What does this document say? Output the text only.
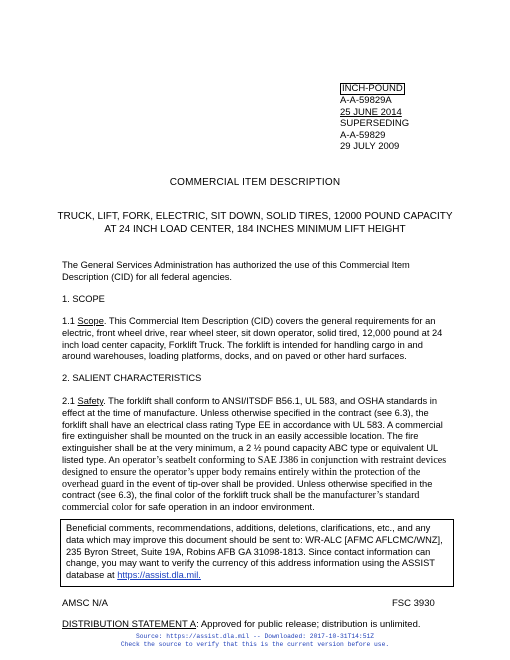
INCH-POUND
A-A-59829A
25 JUNE 2014
SUPERSEDING
A-A-59829
29 JULY 2009
COMMERCIAL ITEM DESCRIPTION
TRUCK, LIFT, FORK, ELECTRIC, SIT DOWN, SOLID TIRES, 12000 POUND CAPACITY
AT 24 INCH LOAD CENTER, 184 INCHES MINIMUM LIFT HEIGHT
The General Services Administration has authorized the use of this Commercial Item Description (CID) for all federal agencies.
1. SCOPE
1.1 Scope. This Commercial Item Description (CID) covers the general requirements for an electric, front wheel drive, rear wheel steer, sit down operator, solid tired, 12,000 pound at 24 inch load center capacity, Forklift Truck. The forklift is intended for handling cargo in and around warehouses, loading platforms, docks, and on paved or other hard surfaces.
2. SALIENT CHARACTERISTICS
2.1 Safety. The forklift shall conform to ANSI/ITSDF B56.1, UL 583, and OSHA standards in effect at the time of manufacture. Unless otherwise specified in the contract (see 6.3), the forklift shall have an electrical class rating Type EE in accordance with UL 583. A commercial fire extinguisher shall be mounted on the truck in an easily accessible location. The fire extinguisher shall be at the very minimum, a 2 ½ pound capacity ABC type or equivalent UL listed type. An operator’s seatbelt conforming to SAE J386 in conjunction with restraint devices designed to ensure the operator’s upper body remains entirely within the protection of the overhead guard in the event of tip-over shall be provided. Unless otherwise specified in the contract (see 6.3), the final color of the forklift truck shall be the manufacturer’s standard commercial color for safe operation in an indoor environment.
Beneficial comments, recommendations, additions, deletions, clarifications, etc., and any data which may improve this document should be sent to: WR-ALC [AFMC AFLCMC/WNZ], 235 Byron Street, Suite 19A, Robins AFB GA 31098-1813. Since contact information can change, you may want to verify the currency of this address information using the ASSIST database at https://assist.dla.mil.
AMSC N/A	FSC 3930
DISTRIBUTION STATEMENT A: Approved for public release; distribution is unlimited.
Source: https://assist.dla.mil -- Downloaded: 2017-10-31T14:51Z
Check the source to verify that this is the current version before use.
